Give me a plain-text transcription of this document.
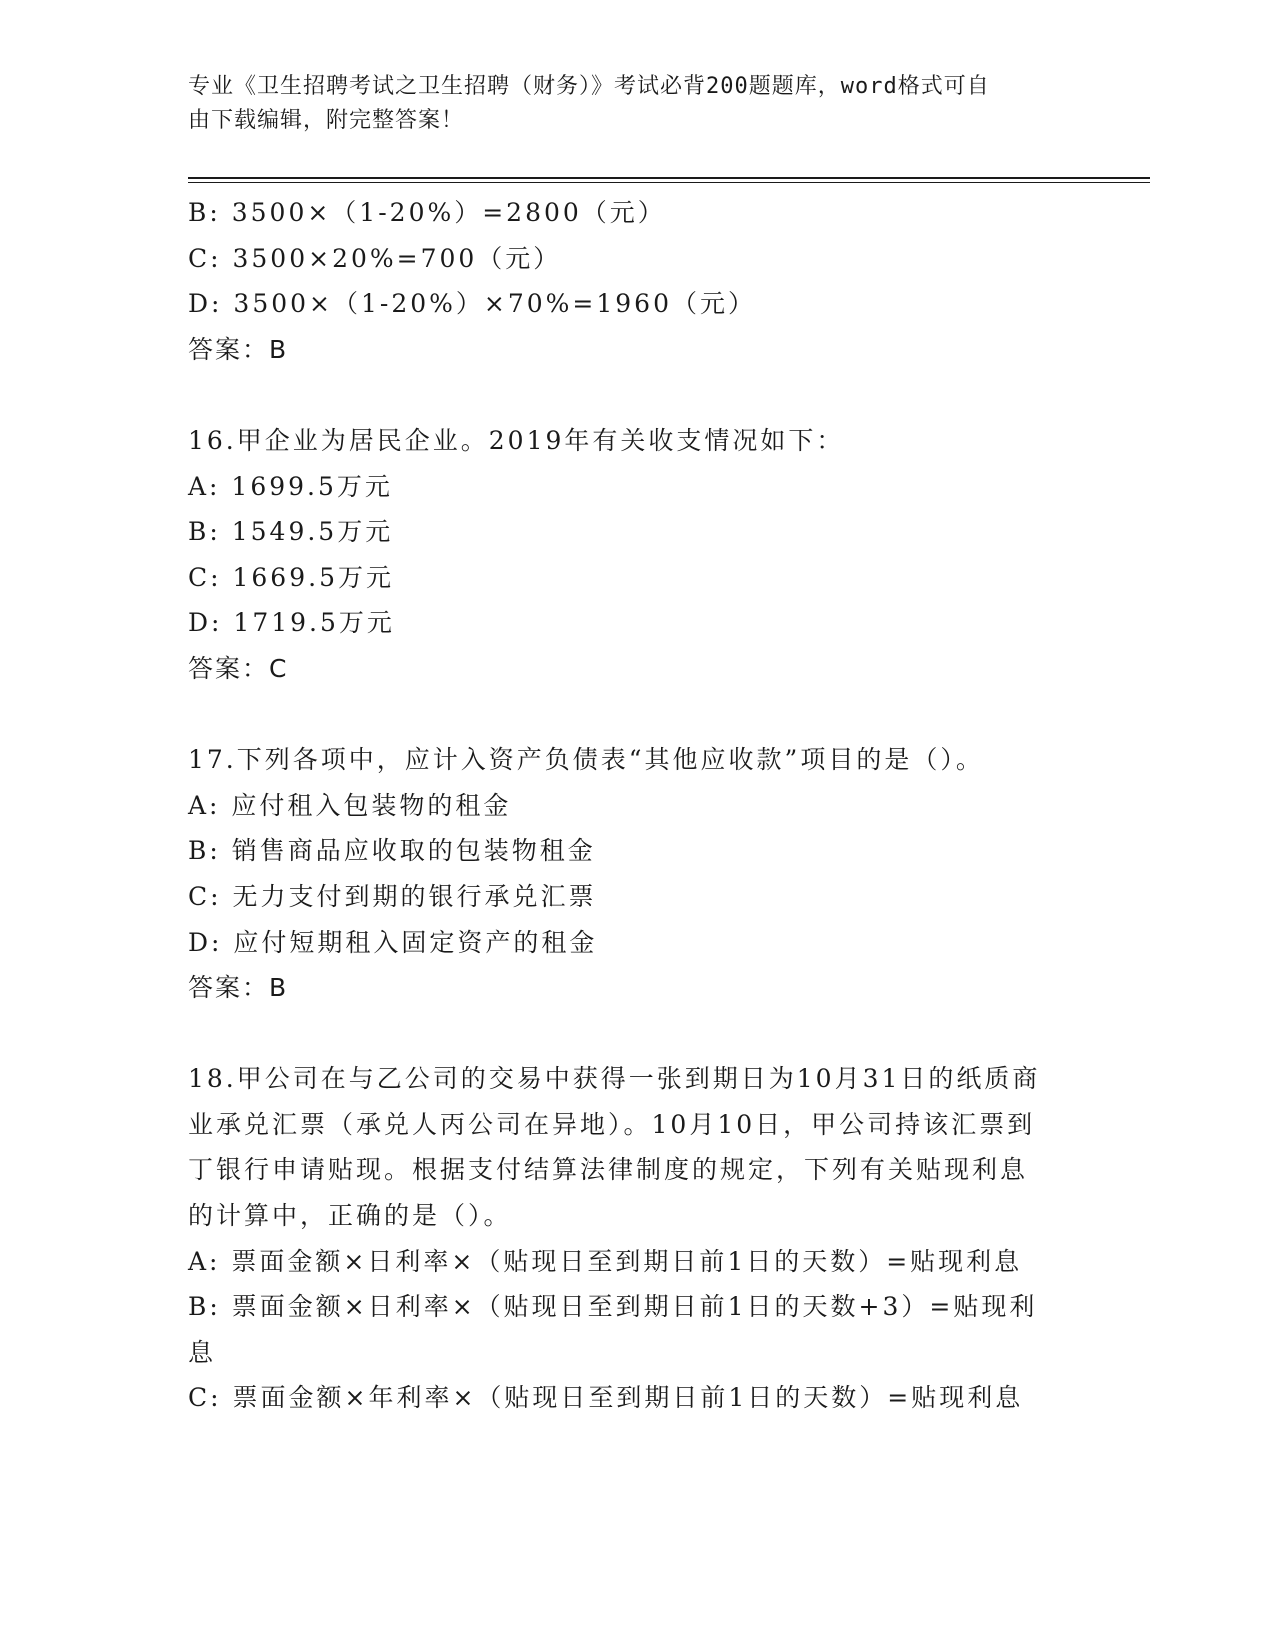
专业《卫生招聘考试之卫生招聘（财务）》考试必背200题题库，word格式可自
由下载编辑，附完整答案！
B: 3500×（1-20%）=2800（元）
C: 3500×20%=700（元）
D: 3500×（1-20%）×70%=1960（元）
答案：B
16.甲企业为居民企业。2019年有关收支情况如下：
A: 1699.5万元
B: 1549.5万元
C: 1669.5万元
D: 1719.5万元
答案：C
17.下列各项中，应计入资产负债表“其他应收款”项目的是（）。
A: 应付租入包装物的租金
B: 销售商品应收取的包装物租金
C: 无力支付到期的银行承兑汇票
D: 应付短期租入固定资产的租金
答案：B
18.甲公司在与乙公司的交易中获得一张到期日为10月31日的纸质商
业承兑汇票（承兑人丙公司在异地）。10月10日，甲公司持该汇票到
丁银行申请贴现。根据支付结算法律制度的规定，下列有关贴现利息
的计算中，正确的是（）。
A: 票面金额×日利率×（贴现日至到期日前1日的天数）=贴现利息
B: 票面金额×日利率×（贴现日至到期日前1日的天数+3）=贴现利
息
C: 票面金额×年利率×（贴现日至到期日前1日的天数）=贴现利息
